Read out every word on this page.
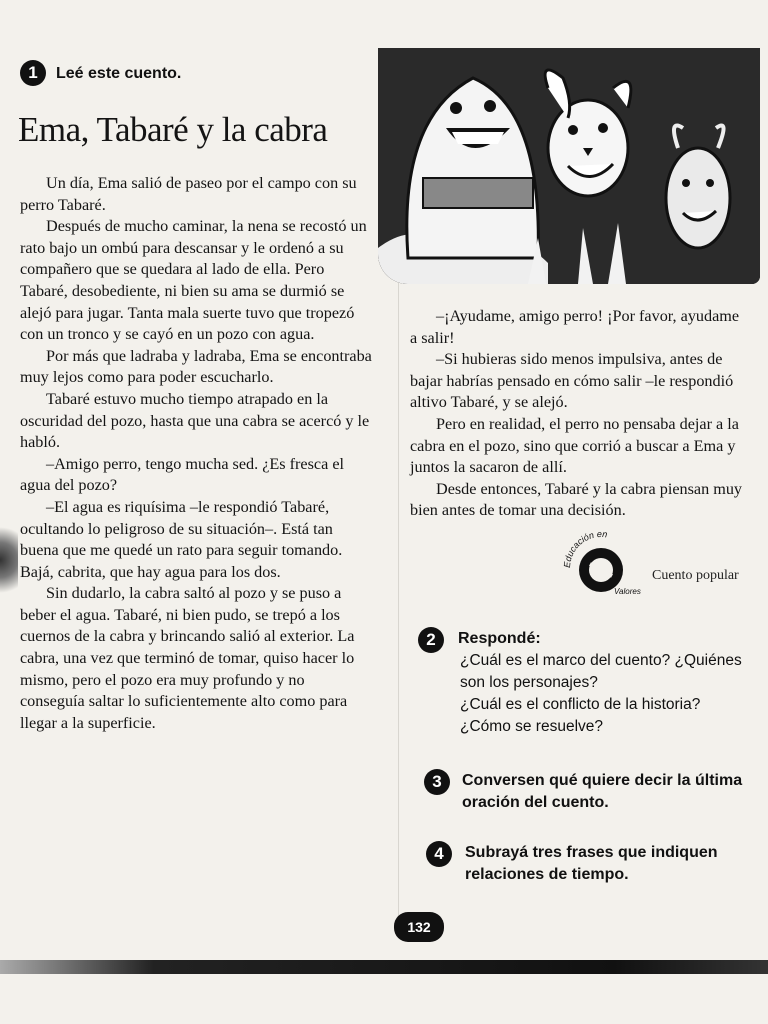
1	Leé este cuento.
Ema, Tabaré y la cabra

Un día, Ema salió de paseo por el campo con su perro Tabaré.

Después de mucho caminar, la nena se recostó un rato bajo un ombú para descansar y le ordenó a su compañero que se quedara al lado de ella. Pero Tabaré, desobediente, ni bien su ama se durmió se alejó para jugar. Tanta mala suerte tuvo que tropezó con un tronco y se cayó en un pozo con agua.

Por más que ladraba y ladraba, Ema se encontraba muy lejos como para poder escucharlo.

Tabaré estuvo mucho tiempo atrapado en la oscuridad del pozo, hasta que una cabra se acercó y le habló.

–Amigo perro, tengo mucha sed. ¿Es fresca el agua del pozo?

–El agua es riquísima –le respondió Tabaré, ocultando lo peligroso de su situación–. Está tan buena que me quedé un rato para seguir tomando. Bajá, cabrita, que hay agua para los dos.

Sin dudarlo, la cabra saltó al pozo y se puso a beber el agua. Tabaré, ni bien pudo, se trepó a los cuernos de la cabra y brincando salió al exterior. La cabra, una vez que terminó de tomar, quiso hacer lo mismo, pero el pozo era muy profundo y no conseguía saltar lo suficientemente alto como para llegar a la superficie.

–¡Ayudame, amigo perro! ¡Por favor, ayudame a salir!

–Si hubieras sido menos impulsiva, antes de bajar habrías pensado en cómo salir –le respondió altivo Tabaré, y se alejó.

Pero en realidad, el perro no pensaba dejar a la cabra en el pozo, sino que corrió a buscar a Ema y juntos la sacaron de allí.

Desde entonces, Tabaré y la cabra piensan muy bien antes de tomar una decisión.

Educación en
Valores
Cuento popular
2	Respondé:
¿Cuál es el marco del cuento? ¿Quiénes
son los personajes?
¿Cuál es el conflicto de la historia?
¿Cómo se resuelve?
3	Conversen qué quiere decir la última
oración del cuento.
4	Subrayá tres frases que indiquen
relaciones de tiempo.
132
